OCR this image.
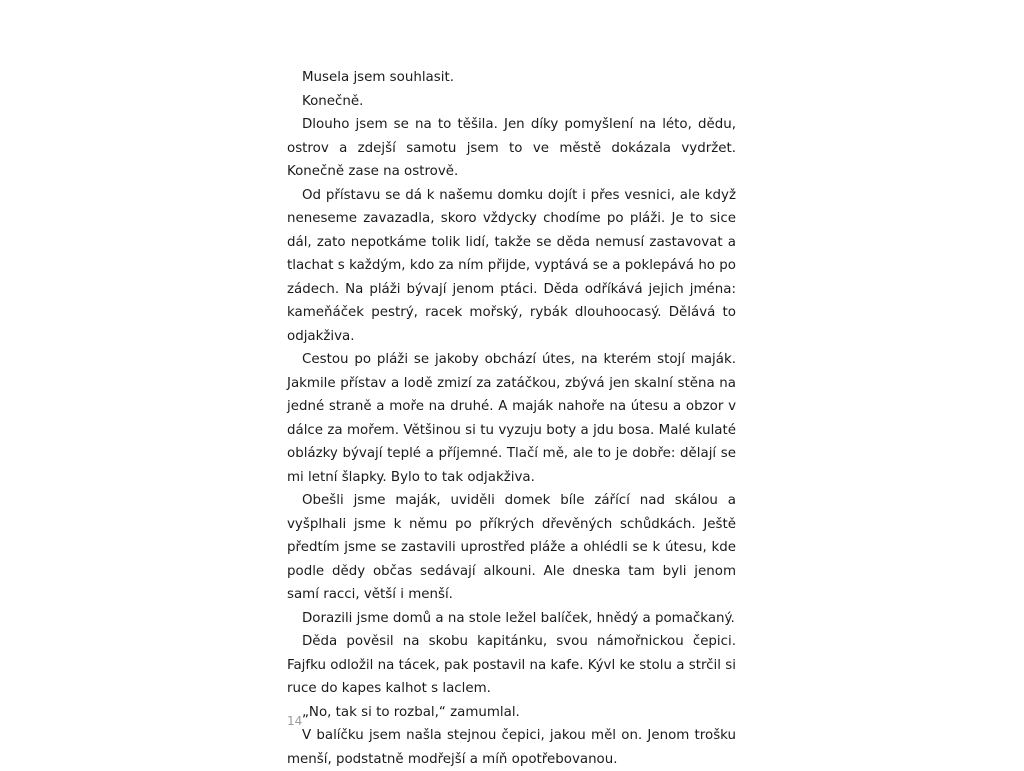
Musela jsem souhlasit.

Konečně.

Dlouho jsem se na to těšila. Jen díky pomyšlení na léto, dědu, ostrov a zdejší samotu jsem to ve městě dokázala vydržet. Konečně zase na ostrově.

Od přístavu se dá k našemu domku dojít i přes vesnici, ale když neneseme zavazadla, skoro vždycky chodíme po pláži. Je to sice dál, zato nepotkáme tolik lidí, takže se děda nemusí zastavovat a tlachat s každým, kdo za ním přijde, vyptává se a poklepává ho po zádech. Na pláži bývají jenom ptáci. Děda odříkává jejich jména: kameňáček pestrý, racek mořský, rybák dlouhoocasý. Dělává to odjakživa.

Cestou po pláži se jakoby obchází útes, na kterém stojí maják. Jakmile přístav a lodě zmizí za zatáčkou, zbývá jen skalní stěna na jedné straně a moře na druhé. A maják nahoře na útesu a obzor v dálce za mořem. Většinou si tu vyzuju boty a jdu bosa. Malé kulaté oblázky bývají teplé a příjemné. Tlačí mě, ale to je dobře: dělají se mi letní šlapky. Bylo to tak odjakživa.

Obešli jsme maják, uviděli domek bíle zářící nad skálou a vyšplhali jsme k němu po příkrých dřevěných schůdkách. Ještě předtím jsme se zastavili uprostřed pláže a ohlédli se k útesu, kde podle dědy občas sedávají alkouni. Ale dneska tam byli jenom samí racci, větší i menší.

Dorazili jsme domů a na stole ležel balíček, hnědý a pomačkaný.

Děda pověsil na skobu kapitánku, svou námořnickou čepici. Fajfku odložil na tácek, pak postavil na kafe. Kývl ke stolu a strčil si ruce do kapes kalhot s laclem.

„No, tak si to rozbal,“ zamumlal.

V balíčku jsem našla stejnou čepici, jakou měl on. Jenom trošku menší, podstatně modřejší a míň opotřebovanou.

14
